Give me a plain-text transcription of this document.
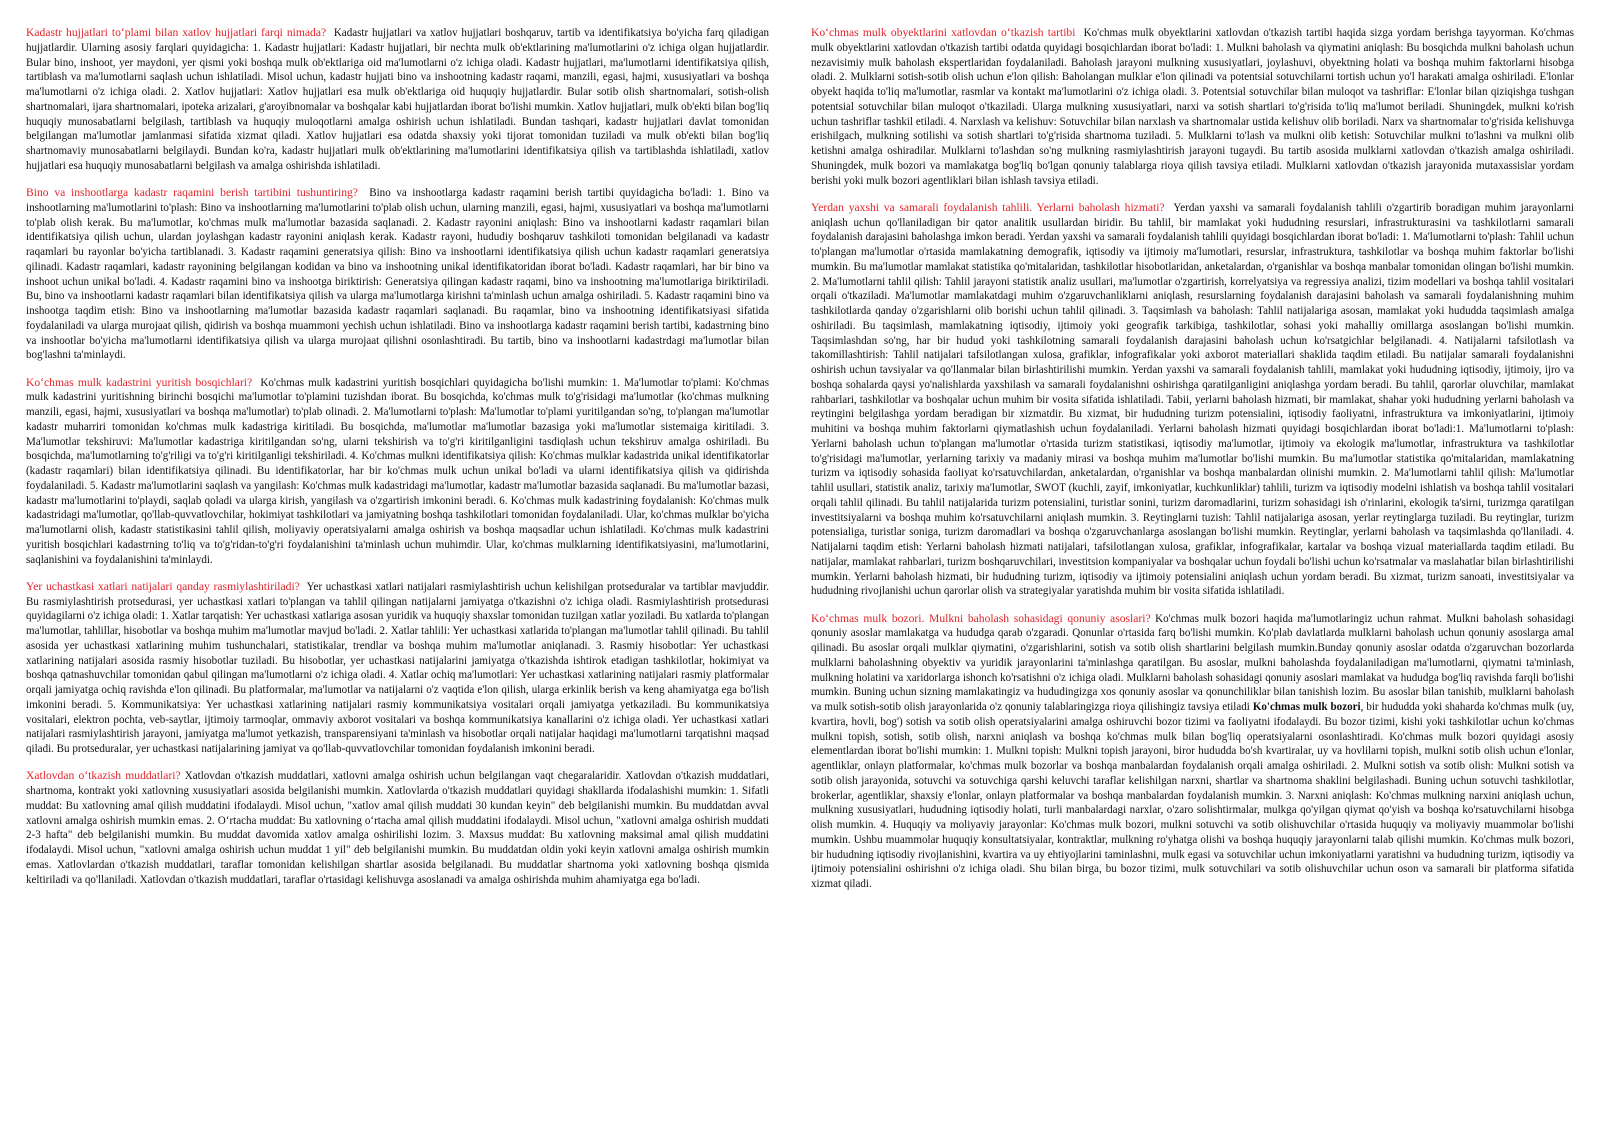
Kadastr hujjatlari to‘plami bilan xatlov hujjatlari farqi nimada? Kadastr hujjatlari va xatlov hujjatlari boshqaruv, tartib va identifikatsiya bo'yicha farq qiladigan hujjatlardir. Ularning asosiy farqlari quyidagicha: 1. Kadastr hujjatlari: Kadastr hujjatlari, bir nechta mulk ob'ektlarining ma'lumotlarini o'z ichiga olgan hujjatlardir. Bular bino, inshoot, yer maydoni, yer qismi yoki boshqa mulk ob'ektlariga oid ma'lumotlarni o'z ichiga oladi. Kadastr hujjatlari, ma'lumotlarni identifikatsiya qilish, tartiblash va ma'lumotlarni saqlash uchun ishlatiladi. Misol uchun, kadastr hujjati bino va inshootning kadastr raqami, manzili, egasi, hajmi, xususiyatlari va boshqa ma'lumotlarni o'z ichiga oladi. 2. Xatlov hujjatlari: Xatlov hujjatlari esa mulk ob'ektlariga oid huquqiy hujjatlardir. Bular sotib olish shartnomalari, sotish-olish shartnomalari, ijara shartnomalari, ipoteka arizalari, g'aroyibnomalar va boshqalar kabi hujjatlardan iborat bo'lishi mumkin. Xatlov hujjatlari, mulk ob'ekti bilan bog'liq huquqiy munosabatlarni belgilash, tartiblash va huquqiy muloqotlarni amalga oshirish uchun ishlatiladi. Bundan tashqari, kadastr hujjatlari davlat tomonidan belgilangan ma'lumotlar jamlanmasi sifatida xizmat qiladi. Xatlov hujjatlari esa odatda shaxsiy yoki tijorat tomonidan tuziladi va mulk ob'ekti bilan bog'liq shartnomaviy munosabatlarni belgilaydi. Bundan ko'ra, kadastr hujjatlari mulk ob'ektlarining ma'lumotlarini identifikatsiya qilish va tartiblashda ishlatiladi, xatlov hujjatlari esa huquqiy munosabatlarni belgilash va amalga oshirishda ishlatiladi.

Bino va inshootlarga kadastr raqamini berish tartibini tushuntiring? Bino va inshootlarga kadastr raqamini berish tartibi quyidagicha bo'ladi: 1. Bino va inshootlarning ma'lumotlarini to'plash: Bino va inshootlarning ma'lumotlarini to'plab olish uchun, ularning manzili, egasi, hajmi, xususiyatlari va boshqa ma'lumotlarni to'plab olish kerak. Bu ma'lumotlar, ko'chmas mulk ma'lumotlar bazasida saqlanadi. 2. Kadastr rayonini aniqlash: Bino va inshootlarni kadastr raqamlari bilan identifikatsiya qilish uchun, ulardan joylashgan kadastr rayonini aniqlash kerak. Kadastr rayoni, hududiy boshqaruv tashkiloti tomonidan belgilanadi va kadastr raqamlari bu rayonlar bo'yicha tartiblanadi. 3. Kadastr raqamini generatsiya qilish: Bino va inshootlarni identifikatsiya qilish uchun kadastr raqamlari generatsiya qilinadi. Kadastr raqamlari, kadastr rayonining belgilangan kodidan va bino va inshootning unikal identifikatoridan iborat bo'ladi. Kadastr raqamlari, har bir bino va inshoot uchun unikal bo'ladi. 4. Kadastr raqamini bino va inshootga biriktirish: Generatsiya qilingan kadastr raqami, bino va inshootning ma'lumotlariga biriktiriladi. Bu, bino va inshootlarni kadastr raqamlari bilan identifikatsiya qilish va ularga ma'lumotlarga kirishni ta'minlash uchun amalga oshiriladi. 5. Kadastr raqamini bino va inshootga taqdim etish: Bino va inshootlarning ma'lumotlar bazasida kadastr raqamlari saqlanadi. Bu raqamlar, bino va inshootning identifikatsiyasi sifatida foydalaniladi va ularga murojaat qilish, qidirish va boshqa muammoni yechish uchun ishlatiladi. Bino va inshootlarga kadastr raqamini berish tartibi, kadastrning bino va inshootlar bo'yicha ma'lumotlarni identifikatsiya qilish va ularga murojaat qilishni osonlashtiradi. Bu tartib, bino va inshootlarni kadastrdagi ma'lumotlar bilan bog'lashni ta'minlaydi.

Ko‘chmas mulk kadastrini yuritish bosqichlari? Ko'chmas mulk kadastrini yuritish bosqichlari quyidagicha bo'lishi mumkin: 1. Ma'lumotlar to'plami: Ko'chmas mulk kadastrini yuritishning birinchi bosqichi ma'lumotlar to'plamini tuzishdan iborat. Bu bosqichda, ko'chmas mulk to'g'risidagi ma'lumotlar (ko'chmas mulkning manzili, egasi, hajmi, xususiyatlari va boshqa ma'lumotlar) to'plab olinadi. 2. Ma'lumotlarni to'plash: Ma'lumotlar to'plami yuritilgandan so'ng, to'plangan ma'lumotlar kadastr muharriri tomonidan ko'chmas mulk kadastriga kiritiladi. Bu bosqichda, ma'lumotlar ma'lumotlar bazasiga yoki ma'lumotlar sistemaiga kiritiladi. 3. Ma'lumotlar tekshiruvi: Ma'lumotlar kadastriga kiritilgandan so'ng, ularni tekshirish va to'g'ri kiritilganligini tasdiqlash uchun tekshiruv amalga oshiriladi. Bu bosqichda, ma'lumotlarning to'g'riligi va to'g'ri kiritilganligi tekshiriladi. 4. Ko'chmas mulkni identifikatsiya qilish: Ko'chmas mulklar kadastrida unikal identifikatorlar (kadastr raqamlari) bilan identifikatsiya qilinadi. Bu identifikatorlar, har bir ko'chmas mulk uchun unikal bo'ladi va ularni identifikatsiya qilish va qidirishda foydalaniladi. 5. Kadastr ma'lumotlarini saqlash va yangilash: Ko'chmas mulk kadastridagi ma'lumotlar, kadastr ma'lumotlar bazasida saqlanadi. Bu ma'lumotlar bazasi, kadastr ma'lumotlarini to'playdi, saqlab qoladi va ularga kirish, yangilash va o'zgartirish imkonini beradi. 6. Ko'chmas mulk kadastrining foydalanish: Ko'chmas mulk kadastridagi ma'lumotlar, qo'llab-quvvatlovchilar, hokimiyat tashkilotlari va jamiyatning boshqa tashkilotlari tomonidan foydalaniladi. Ular, ko'chmas mulklar bo'yicha ma'lumotlarni olish, kadastr statistikasini tahlil qilish, moliyaviy operatsiyalarni amalga oshirish va boshqa maqsadlar uchun ishlatiladi. Ko'chmas mulk kadastrini yuritish bosqichlari kadastrning to'liq va to'g'ridan-to'g'ri foydalanishini ta'minlash uchun muhimdir. Ular, ko'chmas mulklarning identifikatsiyasini, ma'lumotlarini, saqlanishini va foydalanishini ta'minlaydi.

Yer uchastkasi xatlari natijalari qanday rasmiylashtiriladi? Yer uchastkasi xatlari natijalari rasmiylashtirish uchun kelishilgan protseduralar va tartiblar mavjuddir. Bu rasmiylashtirish protsedurasi, yer uchastkasi xatlari to'plangan va tahlil qilingan natijalarni jamiyatga o'tkazishni o'z ichiga oladi. Rasmiylashtirish protsedurasi quyidagilarni o'z ichiga oladi: 1. Xatlar tarqatish: Yer uchastkasi xatlariga asosan yuridik va huquqiy shaxslar tomonidan tuzilgan xatlar yoziladi. Bu xatlarda to'plangan ma'lumotlar, tahlillar, hisobotlar va boshqa muhim ma'lumotlar mavjud bo'ladi. 2. Xatlar tahlili: Yer uchastkasi xatlarida to'plangan ma'lumotlar tahlil qilinadi. Bu tahlil asosida yer uchastkasi xatlarining muhim tushunchalari, statistikalar, trendlar va boshqa muhim ma'lumotlar aniqlanadi. 3. Rasmiy hisobotlar: Yer uchastkasi xatlarining natijalari asosida rasmiy hisobotlar tuziladi. Bu hisobotlar, yer uchastkasi natijalarini jamiyatga o'tkazishda ishtirok etadigan tashkilotlar, hokimiyat va boshqa qatnashuvchilar tomonidan qabul qilingan ma'lumotlarni o'z ichiga oladi. 4. Xatlar ochiq ma'lumotlari: Yer uchastkasi xatlarining natijalari rasmiy platformalar orqali jamiyatga ochiq ravishda e'lon qilinadi. Bu platformalar, ma'lumotlar va natijalarni o'z vaqtida e'lon qilish, ularga erkinlik berish va keng ahamiyatga ega bo'lish imkonini beradi. 5. Kommunikatsiya: Yer uchastkasi xatlarining natijalari rasmiy kommunikatsiya vositalari orqali jamiyatga yetkaziladi. Bu kommunikatsiya vositalari, elektron pochta, veb-saytlar, ijtimoiy tarmoqlar, ommaviy axborot vositalari va boshqa kommunikatsiya kanallarini o'z ichiga oladi. Yer uchastkasi xatlari natijalari rasmiylashtirish jarayoni, jamiyatga ma'lumot yetkazish, transparensiyani ta'minlash va hisobotlar orqali natijalar haqidagi ma'lumotlarni tarqatishni maqsad qiladi. Bu protseduralar, yer uchastkasi natijalarining jamiyat va qo'llab-quvvatlovchilar tomonidan foydalanish imkonini beradi.

Xatlovdan o‘tkazish muddatlari? Xatlovdan o'tkazish muddatlari, xatlovni amalga oshirish uchun belgilangan vaqt chegaralaridir. Xatlovdan o'tkazish muddatlari, shartnoma, kontrakt yoki xatlovning xususiyatlari asosida belgilanishi mumkin. Xatlovlarda o'tkazish muddatlari quyidagi shakllarda ifodalashishi mumkin: 1. Sifatli muddat: Bu xatlovning amal qilish muddatini ifodalaydi. Misol uchun, "xatlov amal qilish muddati 30 kundan keyin" deb belgilanishi mumkin. Bu muddatdan avval xatlovni amalga oshirish mumkin emas. 2. O‘rtacha muddat: Bu xatlovning o‘rtacha amal qilish muddatini ifodalaydi. Misol uchun, "xatlovni amalga oshirish muddati 2-3 hafta" deb belgilanishi mumkin. Bu muddat davomida xatlov amalga oshirilishi lozim. 3. Maxsus muddat: Bu xatlovning maksimal amal qilish muddatini ifodalaydi. Misol uchun, "xatlovni amalga oshirish uchun muddat 1 yil" deb belgilanishi mumkin. Bu muddatdan oldin yoki keyin xatlovni amalga oshirish mumkin emas. Xatlovlardan o'tkazish muddatlari, taraflar tomonidan kelishilgan shartlar asosida belgilanadi. Bu muddatlar shartnoma yoki xatlovning boshqa qismida keltiriladi va qo'llaniladi. Xatlovdan o'tkazish muddatlari, taraflar o'rtasidagi kelishuvga asoslanadi va amalga oshirishda muhim ahamiyatga ega bo'ladi.

Ko‘chmas mulk obyektlarini xatlovdan o‘tkazish tartibi Ko'chmas mulk obyektlarini xatlovdan o'tkazish tartibi haqida sizga yordam berishga tayyorman. Ko'chmas mulk obyektlarini xatlovdan o'tkazish tartibi odatda quyidagi bosqichlardan iborat bo'ladi: 1. Mulkni baholash va qiymatini aniqlash: Bu bosqichda mulkni baholash uchun nezavisimiy mulk baholash ekspertlaridan foydalaniladi. Baholash jarayoni mulkning xususiyatlari, joylashuvi, obyektning holati va boshqa muhim faktorlarni hisobga oladi. 2. Mulklarni sotish-sotib olish uchun e'lon qilish: Baholangan mulklar e'lon qilinadi va potentsial sotuvchilarni tortish uchun yo'l harakati amalga oshiriladi. E'lonlar obyekt haqida to'liq ma'lumotlar, rasmlar va kontakt ma'lumotlarini o'z ichiga oladi. 3. Potentsial sotuvchilar bilan muloqot va tashriflar: E'lonlar bilan qiziqishga tushgan potentsial sotuvchilar bilan muloqot o'tkaziladi. Ularga mulkning xususiyatlari, narxi va sotish shartlari to'g'risida to'liq ma'lumot beriladi. Shuningdek, mulkni ko'rish uchun tashriflar tashkil etiladi. 4. Narxlash va kelishuv: Sotuvchilar bilan narxlash va shartnomalar ustida kelishuv olib boriladi. Narx va shartnomalar to'g'risida kelishuvga erishilgach, mulkning sotilishi va sotish shartlari to'g'risida shartnoma tuziladi. 5. Mulklarni to'lash va mulkni olib ketish: Sotuvchilar mulkni to'lashni va mulkni olib ketishni amalga oshiradilar. Mulklarni to'lashdan so'ng mulkning rasmiylashtirish jarayoni tugaydi. Bu tartib asosida mulklarni xatlovdan o'tkazish amalga oshiriladi. Shuningdek, mulk bozori va mamlakatga bog'liq bo'lgan qonuniy talablarga rioya qilish tavsiya etiladi. Mulklarni xatlovdan o'tkazish jarayonida mutaxassislar yordam berishi yoki mulk bozori agentliklari bilan ishlash tavsiya etiladi.

Yerdan yaxshi va samarali foydalanish tahlili. Yerlarni baholash hizmati? Yerdan yaxshi va samarali foydalanish tahlili o'zgartirib boradigan muhim jarayonlarni aniqlash uchun qo'llaniladigan bir qator analitik usullardan biridir. Bu tahlil, bir mamlakat yoki hududning resurslari, infrastrukturasini va tashkilotlarni samarali foydalanish darajasini baholashga imkon beradi. Yerdan yaxshi va samarali foydalanish tahlili quyidagi bosqichlardan iborat bo'ladi: 1. Ma'lumotlarni to'plash: Tahlil uchun to'plangan ma'lumotlar o'rtasida mamlakatning demografik, iqtisodiy va ijtimoiy ma'lumotlari, resurslar, infrastruktura, tashkilotlar va boshqa muhim faktorlar bo'lishi mumkin. Bu ma'lumotlar mamlakat statistika qo'mitalaridan, tashkilotlar hisobotlaridan, anketalardan, o'rganishlar va boshqa manbalar tomonidan olingan bo'lishi mumkin. 2. Ma'lumotlarni tahlil qilish: Tahlil jarayoni statistik analiz usullari, ma'lumotlar o'zgartirish, korrelyatsiya va regressiya analizi, tizim modellari va boshqa tahlil vositalari orqali o'tkaziladi. Ma'lumotlar mamlakatdagi muhim o'zgaruvchanliklarni aniqlash, resurslarning foydalanish darajasini baholash va samarali foydalanishning muhim tashkilotlarda qanday o'zgarishlarni olib borishi uchun tahlil qilinadi. 3. Taqsimlash va baholash: Tahlil natijalariga asosan, mamlakat yoki hududda taqsimlash amalga oshiriladi. Bu taqsimlash, mamlakatning iqtisodiy, ijtimoiy yoki geografik tarkibiga, tashkilotlar, sohasi yoki mahalliy omillarga asoslangan bo'lishi mumkin. Taqsimlashdan so'ng, har bir hudud yoki tashkilotning samarali foydalanish darajasini baholash uchun ko'rsatgichlar belgilanadi. 4. Natijalarni tafsilotlash va takomillashtirish: Tahlil natijalari tafsilotlangan xulosa, grafiklar, infografikalar yoki axborot materiallari shaklida taqdim etiladi. Bu natijalar samarali foydalanishni oshirish uchun tavsiyalar va qo'llanmalar bilan birlashtirilishi mumkin. Yerdan yaxshi va samarali foydalanish tahlili, mamlakat yoki hududning iqtisodiy, ijtimoiy, ijro va boshqa sohalarda qaysi yo'nalishlarda yaxshilash va samarali foydalanishni oshirishga qaratilganligini aniqlashga yordam beradi. Bu tahlil, qarorlar oluvchilar, mamlakat rahbarlari, tashkilotlar va boshqalar uchun muhim bir vosita sifatida ishlatiladi. Tabii, yerlarni baholash hizmati, bir mamlakat, shahar yoki hududning yerlarni baholash va reytingini belgilashga yordam beradigan bir xizmatdir. Bu xizmat, bir hududning turizm potensialini, iqtisodiy faoliyatni, infrastruktura va imkoniyatlarini, ijtimoiy muhitini va boshqa muhim faktorlarni qiymatlashish uchun foydalaniladi. Yerlarni baholash hizmati quyidagi bosqichlardan iborat bo'ladi:1. Ma'lumotlarni to'plash: Yerlarni baholash uchun to'plangan ma'lumotlar o'rtasida turizm statistikasi, iqtisodiy ma'lumotlar, ijtimoiy va ekologik ma'lumotlar, infrastruktura va tashkilotlar to'g'risidagi ma'lumotlar, yerlarning tarixiy va madaniy mirasi va boshqa muhim ma'lumotlar bo'lishi mumkin. Bu ma'lumotlar statistika qo'mitalaridan, mamlakatning turizm va iqtisodiy sohasida faoliyat ko'rsatuvchilardan, anketalardan, o'rganishlar va boshqa manbalardan olinishi mumkin. 2. Ma'lumotlarni tahlil qilish: Ma'lumotlar tahlil usullari, statistik analiz, tarixiy ma'lumotlar, SWOT (kuchli, zayif, imkoniyatlar, kuchkunliklar) tahlili, turizm va iqtisodiy modelni ishlatish va boshqa tahlil vositalari orqali tahlil qilinadi. Bu tahlil natijalarida turizm potensialini, turistlar sonini, turizm daromadlarini, turizm sohasidagi ish o'rinlarini, ekologik ta'sirni, turizmga qaratilgan investitsiyalarni va boshqa muhim ko'rsatuvchilarni aniqlash mumkin. 3. Reytinglarni tuzish: Tahlil natijalariga asosan, yerlar reytinglarga tuziladi. Bu reytinglar, turizm potensialiga, turistlar soniga, turizm daromadlari va boshqa o'zgaruvchanlarga asoslangan bo'lishi mumkin. Reytinglar, yerlarni baholash va taqsimlashda qo'llaniladi. 4. Natijalarni taqdim etish: Yerlarni baholash hizmati natijalari, tafsilotlangan xulosa, grafiklar, infografikalar, kartalar va boshqa vizual materiallarda taqdim etiladi. Bu natijalar, mamlakat rahbarlari, turizm boshqaruvchilari, investitsion kompaniyalar va boshqalar uchun foydali bo'lishi uchun ko'rsatmalar va maslahatlar bilan birlashtirilishi mumkin. Yerlarni baholash hizmati, bir hududning turizm, iqtisodiy va ijtimoiy potensialini aniqlash uchun yordam beradi. Bu xizmat, turizm sanoati, investitsiyalar va hududning rivojlanishi uchun qarorlar olish va strategiyalar yaratishda muhim bir vosita sifatida ishlatiladi.

Ko‘chmas mulk bozori. Mulkni baholash sohasidagi qonuniy asoslari? Ko'chmas mulk bozori haqida ma'lumotlaringiz uchun rahmat. Mulkni baholash sohasidagi qonuniy asoslar mamlakatga va hududga qarab o'zgaradi. Qonunlar o'rtasida farq bo'lishi mumkin. Ko'plab davlatlarda mulklarni baholash uchun qonuniy asoslarga amal qilinadi. Bu asoslar orqali mulklar qiymatini, o'zgarishlarini, sotish va sotib olish shartlarini belgilash mumkin.Bunday qonuniy asoslar odatda o'zgaruvchan bozorlarda mulklarni baholashning obyektiv va yuridik jarayonlarini ta'minlashga qaratilgan. Bu asoslar, mulkni baholashda foydalaniladigan ma'lumotlarni, qiymatni ta'minlash, mulkning holatini va xaridorlarga ishonch ko'rsatishni o'z ichiga oladi. Mulklarni baholash sohasidagi qonuniy asoslari mamlakat va hududga bog'liq ravishda farqli bo'lishi mumkin. Buning uchun sizning mamlakatingiz va hududingizga xos qonuniy asoslar va qonunchiliklar bilan tanishish lozim. Bu asoslar bilan tanishib, mulklarni baholash va mulk sotish-sotib olish jarayonlarida o'z qonuniy talablaringizga rioya qilishingiz tavsiya etiladi Ko'chmas mulk bozori, bir hududda yoki shaharda ko'chmas mulk (uy, kvartira, hovli, bog') sotish va sotib olish operatsiyalarini amalga oshiruvchi bozor tizimi va faoliyatni ifodalaydi. Bu bozor tizimi, kishi yoki tashkilotlar uchun ko'chmas mulkni topish, sotish, sotib olish, narxni aniqlash va boshqa ko'chmas mulk bilan bog'liq operatsiyalarni osonlashtiradi. Ko'chmas mulk bozori quyidagi asosiy elementlardan iborat bo'lishi mumkin: 1. Mulkni topish: Mulkni topish jarayoni, biror hududda bo'sh kvartiralar, uy va hovlilarni topish, mulkni sotib olish uchun e'lonlar, agentliklar, onlayn platformalar, ko'chmas mulk bozorlar va boshqa manbalardan foydalanish orqali amalga oshiriladi. 2. Mulkni sotish va sotib olish: Mulkni sotish va sotib olish jarayonida, sotuvchi va sotuvchiga qarshi keluvchi taraflar kelishilgan narxni, shartlar va shartnoma shaklini belgilashadi. Buning uchun sotuvchi tashkilotlar, brokerlar, agentliklar, shaxsiy e'lonlar, onlayn platformalar va boshqa manbalardan foydalanish mumkin. 3. Narxni aniqlash: Ko'chmas mulkning narxini aniqlash uchun, mulkning xususiyatlari, hududning iqtisodiy holati, turli manbalardagi narxlar, o'zaro solishtirmalar, mulkga qo'yilgan qiymat qo'yish va boshqa ko'rsatuvchilarni hisobga olish mumkin. 4. Huquqiy va moliyaviy jarayonlar: Ko'chmas mulk bozori, mulkni sotuvchi va sotib olishuvchilar o'rtasida huquqiy va moliyaviy muammolar bo'lishi mumkin. Ushbu muammolar huquqiy konsultatsiyalar, kontraktlar, mulkning ro'yhatga olishi va boshqa huquqiy jarayonlarni talab qilishi mumkin. Ko'chmas mulk bozori, bir hududning iqtisodiy rivojlanishini, kvartira va uy ehtiyojlarini taminlashni, mulk egasi va sotuvchilar uchun imkoniyatlarni yaratishni va hududning turizm, iqtisodiy va ijtimoiy potensialini oshirishni o'z ichiga oladi. Shu bilan birga, bu bozor tizimi, mulk sotuvchilari va sotib olishuvchilar uchun oson va samarali bir platforma sifatida xizmat qiladi.
